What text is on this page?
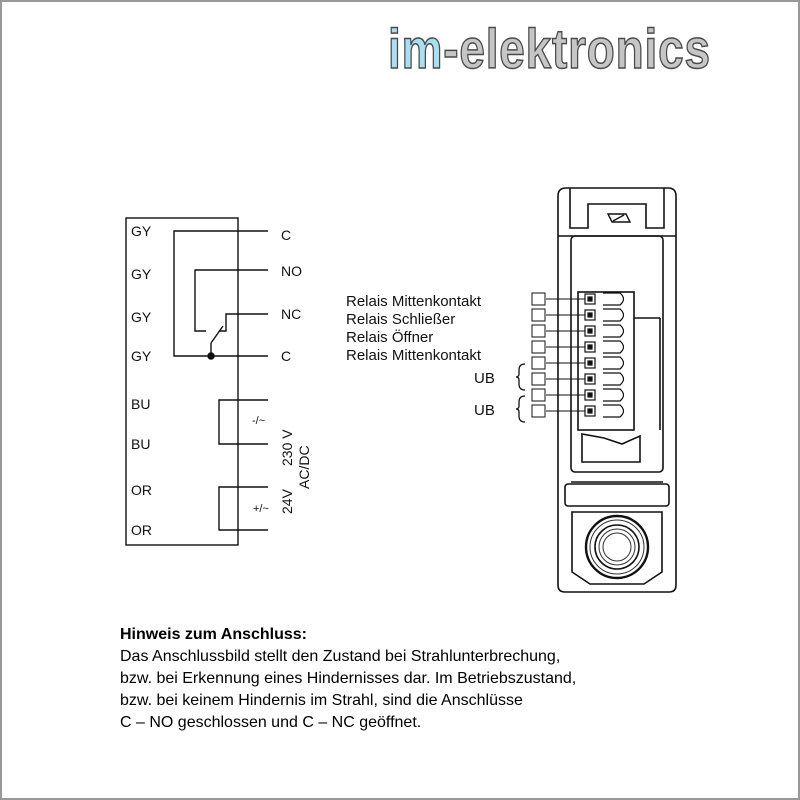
im-elektronics
GY
GY
GY
GY
BU
BU
OR
OR
C
NO
NC
C
-/~
+/~
230 V AC/DC
24V
Relais Mittenkontakt
Relais Schließer
Relais Öffner
Relais Mittenkontakt
UB
UB
Hinweis zum Anschluss:
Das Anschlussbild stellt den Zustand bei Strahlunterbrechung,
bzw. bei Erkennung eines Hindernisses dar. Im Betriebszustand,
bzw. bei keinem Hindernis im Strahl, sind die Anschlüsse
C – NO geschlossen und C – NC geöffnet.
